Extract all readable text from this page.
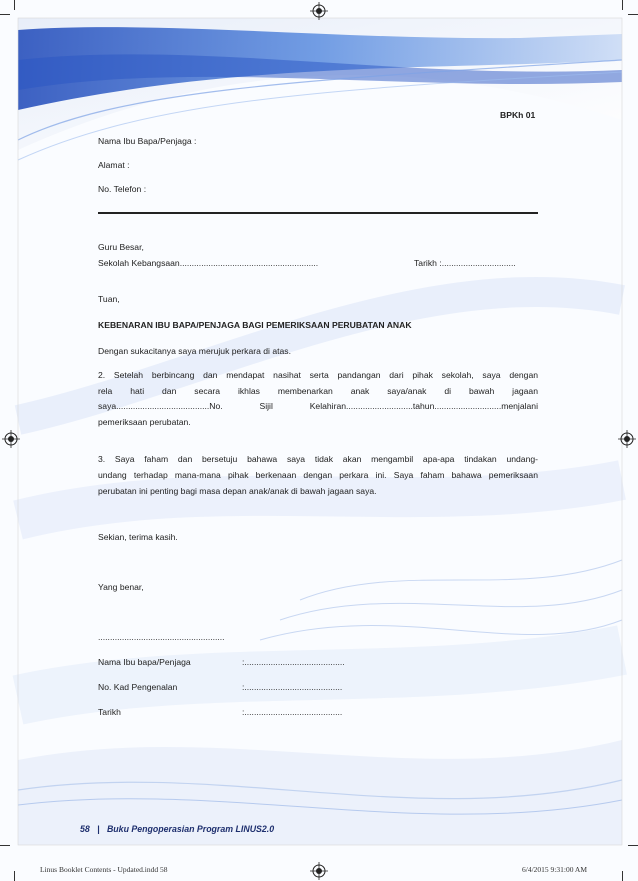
BPKh 01
Nama Ibu Bapa/Penjaga :
Alamat :
No. Telefon :
Guru Besar,
Sekolah Kebangsaan..........................................................	Tarikh :...............................
Tuan,
KEBENARAN IBU BAPA/PENJAGA BAGI PEMERIKSAAN PERUBATAN ANAK
Dengan sukacitanya saya merujuk perkara di atas.
2. Setelah berbincang dan mendapat nasihat serta pandangan dari pihak sekolah, saya dengan
rela hati dan secara ikhlas membenarkan anak saya/anak di bawah jagaan
saya.......................................No. Sijil Kelahiran............................tahun............................menjalani
pemeriksaan perubatan.
3. Saya faham dan bersetuju bahawa saya tidak akan mengambil apa-apa tindakan undang-
undang terhadap mana-mana pihak berkenaan dengan perkara ini. Saya faham bahawa pemeriksaan
perubatan ini penting bagi masa depan anak/anak di bawah jagaan saya.
Sekian, terima kasih.
Yang benar,
.....................................................
Nama Ibu bapa/Penjaga	:..........................................
No. Kad Pengenalan	:.........................................
Tarikh	:.........................................
58 | Buku Pengoperasian Program LINUS2.0
Linus Booklet Contents - Updated.indd 58	6/4/2015 9:31:00 AM
